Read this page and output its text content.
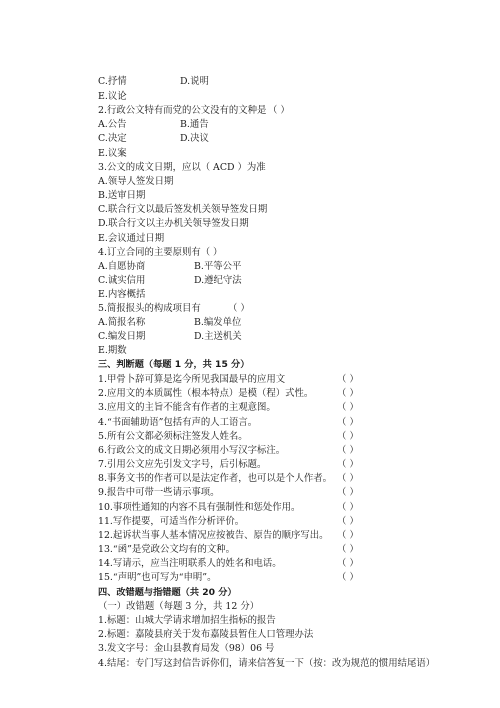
C.抒情	D.说明
E.议论
2.行政公文特有而党的公文没有的文种是 （ ）
A.公告	B.通告
C.决定	D.决议
E.议案
3.公文的成文日期，应以（ ACD ）为准
A.领导人签发日期
B.送审日期
C.联合行文以最后签发机关领导签发日期
D.联合行文以主办机关领导签发日期
E.会议通过日期
4.订立合同的主要原则有（ ）
A.自愿协商	B.平等公平
C.诚实信用	D.遵纪守法
E.内容概括
5.简报报头的构成项目有	（ ）
A.简报名称	B.编发单位
C.编发日期	D.主送机关
E.期数
三、判断题（每题 1 分，共 15 分）
1.甲骨卜辞可算是迄今所见我国最早的应用文	（ ）
2.应用文的本质属性（根本特点）是模（程）式性。	（ ）
3.应用文的主旨不能含有作者的主观意图。	（ ）
4.“书面辅助语”包括有声的人工语言。	（ ）
5.所有公文都必须标注签发人姓名。	（ ）
6.行政公文的成文日期必须用小写汉字标注。	（ ）
7.引用公文应先引发文字号，后引标题。	（ ）
8.事务文书的作者可以是法定作者，也可以是个人作者。 （ ）
9.报告中可带一些请示事项。	（ ）
10.事项性通知的内容不具有强制性和惩处作用。	（ ）
11.写作提要，可适当作分析评价。	（ ）
12.起诉状当事人基本情况应按被告、原告的顺序写出。 （ ）
13.“函”是党政公文均有的文种。	（ ）
14.写请示，应当注明联系人的姓名和电话。	（ ）
15.“声明”也可写为“申明”。	（ ）
四、改错题与指错题（共 20 分）
（一）改错题（每题 3 分，共 12 分）
1.标题：山城大学请求增加招生指标的报告
2.标题：嘉陵县府关于发布嘉陵县暂住人口管理办法
3.发文字号：金山县教育局发（98）06 号
4.结尾：专门写这封信告诉你们，请来信答复一下（按：改为规范的惯用结尾语）
